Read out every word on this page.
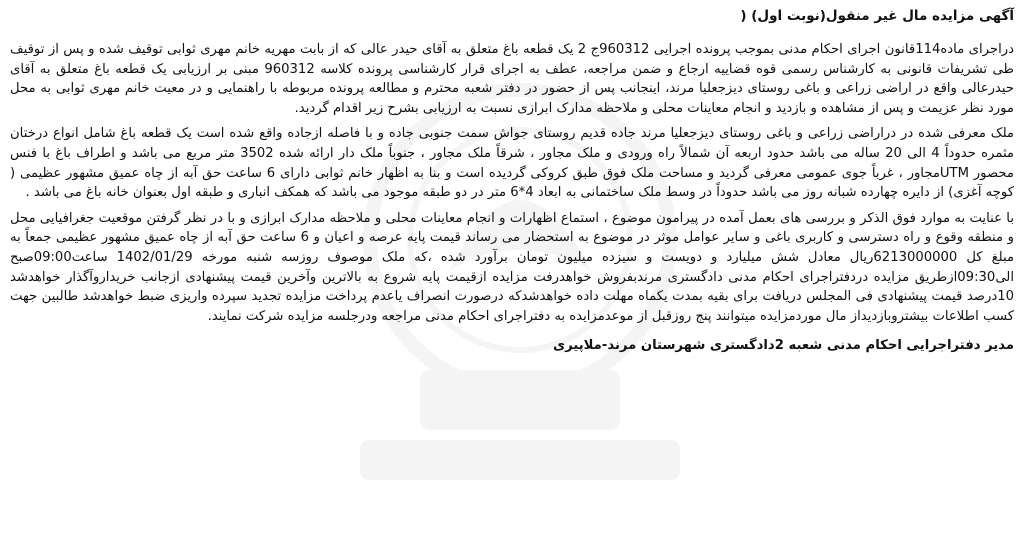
آگهی مزایده مال غیر منقول(نوبت اول) (

دراجرای ماده114قانون اجرای احکام مدنی بموجب پرونده اجرایی 960312ج 2 یک قطعه باغ متعلق به آقای حیدر عالی که از بابت مهریه خانم مهری ثوابی توقیف شده و پس از توقیف طی تشریفات قانونی به کارشناس رسمی قوه قضاییه ارجاع و ضمن مراجعه، عطف به اجرای قرار کارشناسی پرونده کلاسه 960312 مبنی بر ارزیابی یک قطعه باغ متعلق به آقای حیدرعالی واقع در اراضی زراعی و باغی روستای دیزجعلیا مرند، اینجانب پس از حضور در دفتر شعبه محترم و مطالعه پرونده مربوطه با راهنمایی و در معیت خانم مهری ثوابی به محل مورد نظر عزیمت و پس از مشاهده و بازدید و انجام معاینات محلی و ملاحظه مدارک ابرازی نسبت به ارزیابی بشرح زیر اقدام گردید.

ملک معرفی شده در دراراضی زراعی و باغی روستای دیزجعلیا مرند جاده قدیم روستای جواش سمت جنوبی جاده و با فاصله ازجاده واقع شده است یک قطعه باغ شامل انواع درختان مثمره حدوداً 4 الی 20 ساله می باشد حدود اربعه آن شمالاً راه ورودی و ملک مجاور ، شرقاً ملک مجاور ، جنوباً ملک دار ارائه شده 3502 متر مربع می باشد و اطراف باغ با فنس محصور UTMمجاور ، غرباً جوی عمومی معرفی گردید و مساحت ملک فوق طبق کروکی گردیده است و بنا به اظهار خانم ثوابی دارای 6 ساعت حق آبه از چاه عمیق مشهور عظیمی ( کوچه آغزی) از دایره چهارده شبانه روز می باشد حدوداً در وسط ملک ساختمانی به ابعاد 4*6 متر در دو طبقه موجود می باشد که همکف انباری و طبقه اول بعنوان خانه باغ می باشد .

با عنایت به موارد فوق الذکر و بررسی های بعمل آمده در پیرامون موضوع ، استماع اظهارات و انجام معاینات محلی و ملاحظه مدارک ابرازی و با در نظر گرفتن موقعیت جغرافیایی محل و منطقه وقوع و راه دسترسی و کاربری باغی و سایر عوامل موثر در موضوع به استحضار می رساند قیمت پایه عرصه و اعیان و 6 ساعت حق آبه از چاه عمیق مشهور عظیمی جمعاً به مبلغ کل 6213000000ریال معادل شش میلیارد و دویست و سیزده میلیون تومان برآورد شده ،که ملک موصوف روزسه شنبه مورخه 1402/01/29 ساعت09:00صبح الی09:30ازطریق مزایده دردفتراجرای احکام مدنی دادگستری مرندبفروش خواهدرفت مزایده ازقیمت پایه شروع به بالاترین وآخرین قیمت پیشنهادی ازجانب خریداروآگذار خواهدشد 10درصد قیمت پیشنهادی فی المجلس دریافت برای بقیه بمدت یکماه مهلت داده خواهدشدکه درصورت انصراف یاعدم پرداخت مزایده تجدید سپرده واریزی ضبط خواهدشد طالبین جهت کسب اطلاعات بیشتروبازدیداز مال موردمزایده میتوانند پنج روزقبل از موعدمزایده به دفتراجرای احکام مدنی مراجعه ودرجلسه مزایده شرکت نمایند.

مدیر دفتراجرایی احکام مدنی شعبه 2دادگستری شهرستان مرند-ملاپیری
